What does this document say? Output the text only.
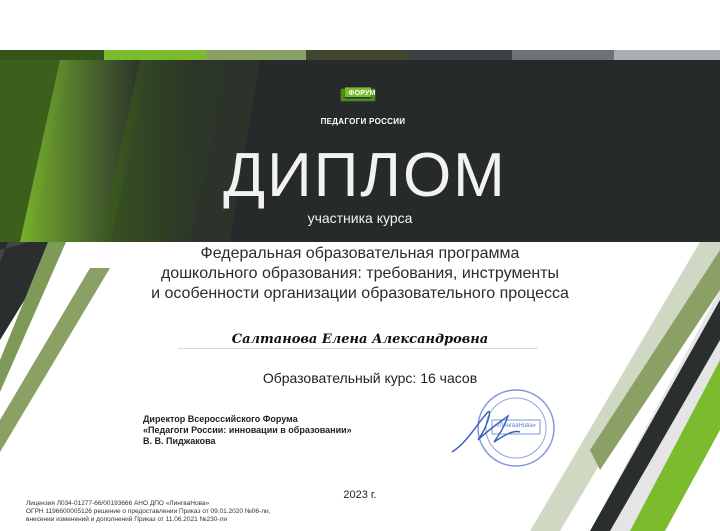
ФОРУМ
ПЕДАГОГИ РОССИИ
ДИПЛОМ
участника курса
Федеральная образовательная программа
дошкольного образования: требования, инструменты
и особенности организации образовательного процесса
Салтанова Елена Александровна
Образовательный курс: 16 часов
Директор Всероссийского Форума
«Педагоги России: инновации в образовании»
В. В. Пиджакова
«ЛингваНова»
2023 г.
Лицензия Л034-01277-66/00193666 АНО ДПО «ЛингваНова»
ОГРН 1196600005126 решение о предоставлении Приказ от 09.01.2020 №06-ли,
внесении изменений и дополнений Приказ от 11.06.2021 №230-ли
